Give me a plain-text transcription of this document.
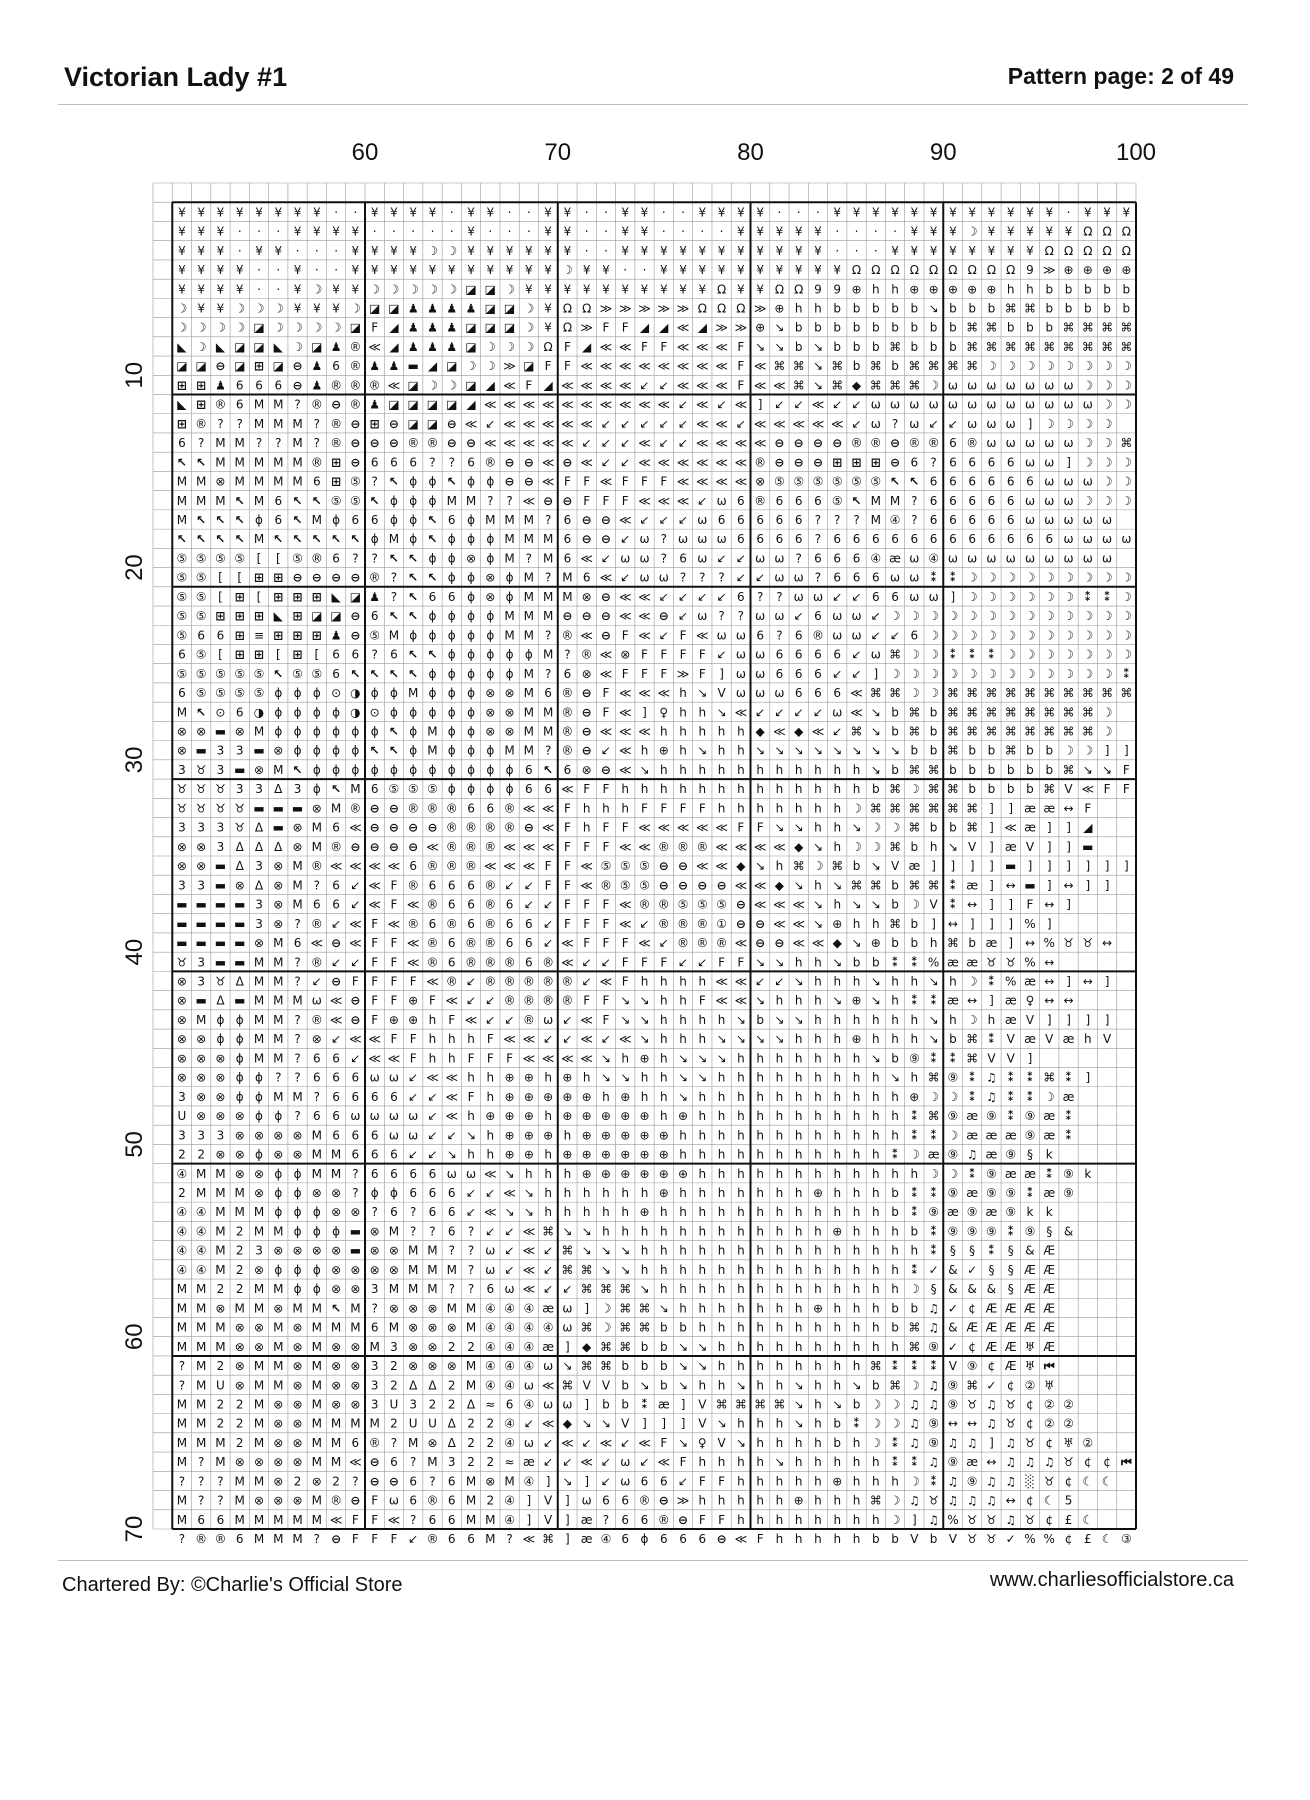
Victorian Lady #1	Pattern page: 2 of 49
60	70	80	90	100
10
20
30
40
50
60
70
¥ ¥ ¥ ¥ ¥ ¥ ¥ ¥ · · ¥ ¥ ¥ ¥ · ¥ ¥ · · ¥ ¥ · · ¥ ¥ · · ¥ ¥ ¥ ¥ · · · ¥ ¥ ¥ ¥ ¥ ¥ ¥ ¥ ¥ ¥ ¥ ¥ · ¥ ¥ ¥
¥ ¥ ¥ · · · ¥ ¥ ¥ ¥ · · · · · ¥ · · · ¥ ¥ · · ¥ ¥ · · · · ¥ ¥ ¥ ¥ ¥ · · · · ¥ ¥ ¥ ☽ ¥ ¥ ¥ ¥ ¥ Ω Ω Ω
¥ ¥ ¥ · ¥ ¥ · · · ¥ ¥ ¥ ¥ ☽ ☽ ¥ ¥ ¥ ¥ ¥ ¥ · · ¥ ¥ ¥ ¥ ¥ ¥ ¥ ¥ ¥ ¥ ¥ · · · ¥ ¥ ¥ ¥ ¥ ¥ ¥ ¥ Ω Ω Ω Ω Ω
¥ ¥ ¥ ¥ · · ¥ · · ¥ ¥ ¥ ¥ ¥ ¥ ¥ ¥ ¥ ¥ ¥ ☽ ¥ ¥ · · ¥ ¥ ¥ ¥ ¥ ¥ ¥ ¥ ¥ ¥ Ω Ω Ω Ω Ω Ω Ω Ω Ω 9 ≫ ⊕ ⊕ ⊕ ⊕
¥ ¥ ¥ ¥ · · ¥ ☽ ¥ ¥ ☽ ☽ ☽ ☽ ☽ ◪ ◪ ☽ ¥ ¥ ¥ ¥ ¥ ¥ ¥ ¥ ¥ ¥ Ω ¥ ¥ Ω Ω 9 9 ⊕ h h ⊕ ⊕ ⊕ ⊕ ⊕ h h b b b b b
☽ ¥ ¥ ☽ ☽ ☽ ¥ ¥ ¥ ☽ ◪ ◪ ♟ ♟ ♟ ♟ ◪ ◪ ☽ ¥ Ω Ω ≫ ≫ ≫ ≫ ≫ Ω Ω Ω ≫ ⊕ h h b b b b b ↘ b b b ⌘ ⌘ b b b b b
☽ ☽ ☽ ☽ ◪ ☽ ☽ ☽ ☽ ◪ F ◢ ♟ ♟ ♟ ◪ ◪ ◪ ☽ ¥ Ω ≫ F F ◢ ◢ ≪ ◢ ≫ ≫ ⊕ ↘ b b b b b b b b b ⌘ ⌘ b b b ⌘ ⌘ ⌘ ⌘
◣ ☽ ◣ ◪ ◪ ◣ ☽ ◪ ♟ ® ≪ ◢ ♟ ♟ ♟ ◪ ☽ ☽ ☽ Ω F ◢ ≪ ≪ F F ≪ ≪ ≪ F ↘ ↘ b ↘ b b b ⌘ b b b ⌘ ⌘ ⌘ ⌘ ⌘ ⌘ ⌘ ⌘ ⌘
◪ ◪ ⊖ ◪ ⊞ ◪ ⊖ ♟ 6 ® ♟ ♟ ▬ ◢ ◪ ☽ ☽ ≫ ◪ F F ≪ ≪ ≪ ≪ ≪ ≪ ≪ ≪ F ≪ ⌘ ⌘ ↘ ⌘ b ⌘ b ⌘ ⌘ ⌘ ⌘ ☽ ☽ ☽ ☽ ☽ ☽ ☽ ☽
⊞ ⊞ ♟ 6 6 6 ⊖ ♟ ® ® ® ≪ ◪ ☽ ☽ ◪ ◢ ≪ F ◢ ≪ ≪ ≪ ≪ ↙ ↙ ≪ ≪ ≪ F ≪ ≪ ⌘ ↘ ⌘ ◆ ⌘ ⌘ ⌘ ☽ ω ω ω ω ω ω ω ☽ ☽ ☽
◣ ⊞ ® 6 M M ? ® ⊖ ® ♟ ◪ ◪ ◪ ◪ ◢ ≪ ≪ ≪ ≪ ≪ ≪ ≪ ≪ ≪ ≪ ↙ ≪ ↙ ≪ ] ↙ ↙ ≪ ↙ ↙ ω ω ω ω ω ω ω ω ω ω ω ω ☽ ☽
⊞ ® ? ? M M M ? ® ⊖ ⊞ ⊖ ◪ ◪ ⊖ ≪ ↙ ≪ ≪ ≪ ≪ ≪ ↙ ↙ ↙ ↙ ↙ ≪ ≪ ↙ ≪ ≪ ≪ ≪ ≪ ↙ ω ? ω ↙ ↙ ω ω ω ] ☽ ☽ ☽ ☽
6 ? M M ? ? M ? ® ⊖ ⊖ ⊖ ® ® ⊖ ⊖ ≪ ≪ ≪ ≪ ≪ ↙ ↙ ↙ ≪ ↙ ↙ ≪ ≪ ≪ ≪ ⊖ ⊖ ⊖ ⊖ ® ® ⊖ ® ® 6 ® ω ω ω ω ω ☽ ☽ ⌘
↖ ↖ M M M M M ® ⊞ ⊖ 6 6 6 ? ? 6 ® ⊖ ⊖ ≪ ⊖ ≪ ↙ ↙ ≪ ≪ ≪ ≪ ≪ ≪ ® ⊖ ⊖ ⊖ ⊞ ⊞ ⊞ ⊖ 6 ? 6 6 6 6 ω ω ] ☽ ☽ ☽
M M ⊗ M M M M 6 ⊞ ⑤ ? ↖ ϕ ϕ ↖ ϕ ϕ ⊖ ⊖ ≪ F F ≪ F F F ≪ ≪ ≪ ≪ ⊗ ⑤ ⑤ ⑤ ⑤ ⑤ ⑤ ↖ ↖ 6 6 6 6 6 6 ω ω ω ☽ ☽
M M M ↖ M 6 ↖ ↖ ⑤ ⑤ ↖ ϕ ϕ ϕ M M ? ? ≪ ⊖ ⊖ F F F ≪ ≪ ≪ ↙ ω 6 ® 6 6 6 ⑤ ↖ M M ? 6 6 6 6 6 ω ω ω ☽ ☽ ☽
M ↖ ↖ ↖ ϕ 6 ↖ M ϕ 6 6 ϕ ϕ ↖ 6 ϕ M M M ? 6 ⊖ ⊖ ≪ ↙ ↙ ↙ ω 6 6 6 6 6 ? ? ? M ④ ? 6 6 6 6 6 ω ω ω ω ω
↖ ↖ ↖ ↖ M ↖ ↖ ↖ ↖ ↖ ϕ M ϕ ↖ ϕ ϕ ϕ M M M 6 ⊖ ⊖ ↙ ω ? ω ω ω 6 6 6 6 ? 6 6 6 6 6 6 6 6 6 6 6 6 ω ω ω ω
⑤ ⑤ ⑤ ⑤ [ [ ⑤ ® 6 ? ? ↖ ↖ ϕ ϕ ⊗ ϕ M ? M 6 ≪ ↙ ω ω ? 6 ω ↙ ↙ ω ω ? 6 6 6 ④ æ ω ④ ω ω ω ω ω ω ω ω ω
⑤ ⑤ [ [ ⊞ ⊞ ⊖ ⊖ ⊖ ⊖ ® ? ↖ ↖ ϕ ϕ ⊗ ϕ M ? M 6 ≪ ↙ ω ω ? ? ? ↙ ↙ ω ω ? 6 6 6 ω ω ⁑ ⁑ ☽ ☽ ☽ ☽ ☽ ☽ ☽ ☽ ☽
⑤ ⑤ [ ⊞ [ ⊞ ⊞ ⊞ ◣ ◪ ♟ ? ↖ 6 6 ϕ ⊗ ϕ M M M ⊗ ⊖ ≪ ≪ ↙ ↙ ↙ ↙ 6 ? ? ω ω ↙ ↙ 6 6 ω ω ] ☽ ☽ ☽ ☽ ☽ ☽ ⁑ ⁑ ☽
⑤ ⑤ ⊞ ⊞ ⊞ ◣ ⊞ ◪ ◪ ⊖ 6 ↖ ↖ ϕ ϕ ϕ ϕ M M M ⊖ ⊖ ⊖ ≪ ≪ ⊖ ↙ ω ? ? ω ω ↙ 6 ω ω ↙ ☽ ☽ ☽ ☽ ☽ ☽ ☽ ☽ ☽ ☽ ☽ ☽ ☽
⑤ 6 6 ⊞ ≡ ⊞ ⊞ ⊞ ♟ ⊖ ⑤ M ϕ ϕ ϕ ϕ ϕ M M ? ® ≪ ⊖ F ≪ ↙ F ≪ ω ω 6 ? 6 ® ω ω ↙ ↙ 6 ☽ ☽ ☽ ☽ ☽ ☽ ☽ ☽ ☽ ☽ ☽
6 ⑤ [ ⊞ ⊞ [ ⊞ [ 6 6 ? 6 ↖ ↖ ϕ ϕ ϕ ϕ ϕ M ? ® ≪ ⊗ F F F F ↙ ω ω 6 6 6 6 ↙ ω ⌘ ☽ ☽ ⁑ ⁑ ⁑ ☽ ☽ ☽ ☽ ☽ ☽ ☽
⑤ ⑤ ⑤ ⑤ ⑤ ↖ ⑤ ⑤ 6 ↖ ↖ ↖ ↖ ϕ ϕ ϕ ϕ ϕ M ? 6 ⊗ ≪ F F F ≫ F ] ω ω 6 6 6 ↙ ↙ ] ☽ ☽ ☽ ☽ ☽ ☽ ☽ ☽ ☽ ☽ ☽ ☽ ⁑
6 ⑤ ⑤ ⑤ ⑤ ϕ ϕ ϕ ⊙ ◑ ϕ ϕ M ϕ ϕ ϕ ⊗ ⊗ M 6 ® ⊖ F ≪ ≪ ≪ h ↘ V ω ω ω 6 6 6 ≪ ⌘ ⌘ ☽ ☽ ⌘ ⌘ ⌘ ⌘ ⌘ ⌘ ⌘ ⌘ ⌘ ⌘
M ↖ ⊙ 6 ◑ ϕ ϕ ϕ ϕ ◑ ⊙ ϕ ϕ ϕ ϕ ϕ ⊗ ⊗ M M ® ⊖ F ≪ ] ♀ h h ↘ ≪ ↙ ↙ ↙ ↙ ω ≪ ↘ b ⌘ b ⌘ ⌘ ⌘ ⌘ ⌘ ⌘ ⌘ ⌘ ☽
⊗ ⊗ ▬ ⊗ M ϕ ϕ ϕ ϕ ϕ ϕ ↖ ϕ M ϕ ϕ ⊗ ⊗ M M ® ⊖ ≪ ≪ ≪ h h h h h ◆ ≪ ◆ ≪ ↙ ⌘ ↘ b ⌘ b ⌘ ⌘ ⌘ ⌘ ⌘ ⌘ ⌘ ⌘ ☽
⊗ ▬ 3 3 ▬ ⊗ ϕ ϕ ϕ ϕ ↖ ↖ ϕ M ϕ ϕ ϕ M M ? ® ⊖ ↙ ≪ h ⊕ h ↘ h h ↘ ↘ ↘ ↘ ↘ ↘ ↘ ↘ b b ⌘ b b ⌘ b b ☽ ☽ ] ]
3 ♉ 3 ▬ ⊗ M ↖ ϕ ϕ ϕ ϕ ϕ ϕ ϕ ϕ ϕ ϕ ϕ 6 ↖ 6 ⊗ ⊖ ≪ ↘ h h h h h h h h h h h ↘ b ⌘ ⌘ b b b b b b ⌘ ↘ ↘ F
♉ ♉ ♉ 3 3 Δ 3 ϕ ↖ M 6 ⑤ ⑤ ⑤ ϕ ϕ ϕ ϕ 6 6 ≪ F F h h h h h h h h h h h h h b ⌘ ☽ ⌘ ⌘ b b b b ⌘ V ≪ F F
♉ ♉ ♉ ♉ ▬ ▬ ▬ ⊗ M ® ⊖ ⊖ ® ® ® 6 6 ® ≪ ≪ F h h h F F F F h h h h h h h ☽ ⌘ ⌘ ⌘ ⌘ ⌘ ⌘ ] ] æ æ ↔ F
3 3 3 ♉ Δ ▬ ⊗ M 6 ≪ ⊖ ⊖ ⊖ ⊖ ® ® ® ® ⊖ ≪ F h F F ≪ ≪ ≪ ≪ ≪ F F ↘ ↘ h h ↘ ☽ ☽ ⌘ b b ⌘ ] ≪ æ ] ] ◢
⊗ ⊗ 3 Δ Δ Δ ⊗ M ® ⊖ ⊖ ⊖ ⊖ ≪ ® ® ® ≪ ≪ ≪ F F F ≪ ≪ ® ® ® ≪ ≪ ≪ ≪ ◆ ↘ h ☽ ☽ ⌘ b h ↘ V ] æ V ] ] ▬
⊗ ⊗ ▬ Δ 3 ⊗ M ® ≪ ≪ ≪ ≪ 6 ® ® ® ≪ ≪ ≪ F F ≪ ⑤ ⑤ ⑤ ⊖ ⊖ ≪ ≪ ◆ ↘ h ⌘ ☽ ⌘ b ↘ V æ ] ] ] ] ▬ ] ] ] ] ] ]
3 3 ▬ ⊗ Δ ⊗ M ? 6 ↙ ≪ F ® 6 6 6 ® ↙ ↙ F F ≪ ® ⑤ ⑤ ⊖ ⊖ ⊖ ⊖ ≪ ≪ ◆ ↘ h ↘ ⌘ ⌘ b ⌘ ⌘ ⁑ æ ] ↔ ▬ ] ↔ ] ]
▬ ▬ ▬ ▬ 3 ⊗ M 6 6 ↙ ≪ F ≪ ® 6 6 ® 6 ↙ ↙ F F F ≪ ® ® ⑤ ⑤ ⑤ ⊖ ≪ ≪ ≪ ↘ h ↘ ↘ b ☽ V ⁑ ↔ ] ] F ↔ ]
▬ ▬ ▬ ▬ 3 ⊗ ? ® ↙ ≪ F ≪ ® 6 ® 6 ® 6 6 ↙ F F F ≪ ↙ ® ® ® ① ⊖ ⊖ ≪ ≪ ↘ ⊕ h h ⌘ b ] ↔ ] ] ] % ]
▬ ▬ ▬ ▬ ⊗ M 6 ≪ ⊖ ≪ F F ≪ ® 6 ® ® 6 6 ↙ ≪ F F F ≪ ↙ ® ® ® ≪ ⊖ ⊖ ≪ ≪ ◆ ↘ ⊕ b b h ⌘ b æ ] ↔ % ♉ ♉ ↔
♉ 3 ▬ ▬ M M ? ® ↙ ↙ F F ≪ ® 6 ® ® ® 6 ® ≪ ↙ ↙ F F F ↙ ↙ F F ↘ ↘ h h ↘ b b ⁑ ⁑ % æ æ ♉ ♉ % ↔
⊗ 3 ♉ Δ M M ? ↙ ⊖ F F F F ≪ ® ↙ ® ® ® ® ® ↙ ≪ F h h h h ≪ ≪ ↙ ↙ ↘ h h h ↘ h h ↘ h ☽ ⁑ % æ ↔ ] ↔ ]
⊗ ▬ Δ ▬ M M M ω ≪ ⊖ F F ⊕ F ≪ ↙ ↙ ® ® ® ® F F ↘ ↘ h h F ≪ ≪ ↘ h h h ↘ ⊕ ↘ h ⁑ ⁑ æ ↔ ] æ ♀ ↔ ↔
⊗ M ϕ ϕ M M ? ® ≪ ⊖ F ⊕ ⊕ h F ≪ ↙ ↙ ® ω ↙ ≪ F ↘ ↘ h h h h ↘ b ↘ ↘ h h h h h h ↘ h ☽ h æ V ] ] ] ]
⊗ ⊗ ϕ ϕ M M ? ⊗ ↙ ≪ ≪ F F h h h F ≪ ≪ ↙ ↙ ≪ ↙ ≪ ↘ h h h ↘ ↘ ↘ ↘ h h h ⊕ h h h ↘ b ⌘ ⁑ V æ V æ h V
⊗ ⊗ ⊗ ϕ M M ? 6 6 ↙ ≪ ≪ F h h F F F ≪ ≪ ≪ ≪ ↘ h ⊕ h ↘ ↘ ↘ h h h h h h h ↘ b ⑨ ⁑ ⁑ ⌘ V V ]
⊗ ⊗ ⊗ ϕ ϕ ? ? 6 6 6 ω ω ↙ ≪ ≪ h h ⊕ ⊕ h ⊕ h ↘ ↘ h h ↘ ↘ h h h h h h h h h ↘ h ⌘ ⑨ ⁑ ♫ ⁑ ⁑ ⌘ ⁑ ]
3 ⊗ ⊗ ϕ ϕ M M ? 6 6 6 6 ↙ ↙ ≪ F h ⊕ ⊕ ⊕ ⊕ ⊕ h ⊕ h h ↘ h h h h h h h h h h h ⊕ ☽ ☽ ⁑ ♫ ⁑ ⁑ ☽ æ
U ⊗ ⊗ ⊗ ϕ ϕ ? 6 6 ω ω ω ω ↙ ≪ h ⊕ ⊕ ⊕ h ⊕ ⊕ ⊕ ⊕ ⊕ h ⊕ h h h h h h h h h h h ⁑ ⌘ ⑨ æ ⑨ ⁑ ⑨ æ ⁑
3 3 3 ⊗ ⊗ ⊗ ⊗ M 6 6 6 ω ω ↙ ↙ ↘ h ⊕ ⊕ ⊕ h ⊕ ⊕ ⊕ ⊕ ⊕ h h h h h h h h h h h h ⁑ ⁑ ☽ æ æ æ ⑨ æ ⁑
2 2 ⊗ ⊗ ϕ ⊗ ⊗ M M 6 6 6 ↙ ↙ ↘ h h ⊕ ⊕ h ⊕ ⊕ ⊕ ⊕ ⊕ ⊕ h h h h h h h h h h h ⁑ ☽ æ ⑨ ♫ æ ⑨ § k
④ M M ⊗ ⊗ ϕ ϕ M M ? 6 6 6 6 ω ω ≪ ↘ h h h ⊕ ⊕ ⊕ ⊕ ⊕ ⊕ h h h h h h h h h h h h ☽ ☽ ⁑ ⑨ æ æ ⁑ ⑨ k
2 M M M ⊗ ϕ ϕ ⊗ ⊗ ? ϕ ϕ 6 6 6 ↙ ↙ ≪ ↘ h h h h h h ⊕ h h h h h h h ⊕ h h h b ⁑ ⁑ ⑨ æ ⑨ ⑨ ⁑ æ ⑨
④ ④ M M M ϕ ϕ ϕ ⊗ ⊗ ? 6 ? 6 6 ↙ ≪ ↘ ↘ h h h h h ⊕ h h h h h h h h h h h h b ⁑ ⑨ æ ⑨ æ ⑨ k k
④ ④ M 2 M M ϕ ϕ ϕ ▬ ⊗ M ? ? 6 ? ↙ ↙ ≪ ⌘ ↘ ↘ h h h h h h h h h h h h ⊕ h h h b ⁑ ⑨ ⑨ ⑨ ⁑ ⑨ § &
④ ④ M 2 3 ⊗ ⊗ ⊗ ⊗ ▬ ⊗ ⊗ M M ? ? ω ↙ ≪ ↙ ⌘ ↘ ↘ ↘ h h h h h h h h h h h h h h h ⁑ § § ⁑ § & Æ
④ ④ M 2 ⊗ ϕ ϕ ϕ ⊗ ⊗ ⊗ ⊗ M M M ? ω ↙ ≪ ↙ ⌘ ⌘ ↘ ↘ h h h h h h h h h h h h h h ⁑ ✓ & ✓ § § Æ Æ
M M 2 2 M M ϕ ϕ ⊗ ⊗ 3 M M M ? ? 6 ω ≪ ↙ ↙ ⌘ ⌘ ⌘ ↘ h h h h h h h h h h h h h ☽ § & & & § Æ Æ
M M ⊗ M M ⊗ M M ↖ M ? ⊗ ⊗ ⊗ M M ④ ④ ④ æ ω ] ☽ ⌘ ⌘ ↘ h h h h h h h ⊕ h h h b b ♫ ✓ ¢ Æ Æ Æ Æ
M M M ⊗ ⊗ M ⊗ M M M 6 M ⊗ ⊗ ⊗ M ④ ④ ④ ④ ω ⌘ ☽ ⌘ ⌘ b b h h h h h h h h h h b ⌘ ♫ & Æ Æ Æ Æ Æ
M M M ⊗ ⊗ M ⊗ M ⊗ ⊗ M 3 ⊗ ⊗ 2 2 ④ ④ ④ æ ] ◆ ⌘ ⌘ b b ↘ ↘ h h h h h h h h h h ⌘ ⑨ ✓ ¢ Æ Æ ♅ Æ
? M 2 ⊗ M M ⊗ M ⊗ ⊗ 3 2 ⊗ ⊗ ⊗ M ④ ④ ④ ω ↘ ⌘ ⌘ b b b ↘ ↘ h h h h h h h h ⌘ ⁑ ⁑ ⁑ V ⑨ ¢ Æ ♅ ⏮
? M U ⊗ M M ⊗ M ⊗ ⊗ 3 2 Δ Δ 2 M ④ ④ ω ≪ ⌘ V V b ↘ b ↘ h h ↘ h h ↘ h h ↘ b ⌘ ☽ ♫ ⑨ ⌘ ✓ ¢ ② ♅
M M 2 2 M ⊗ ⊗ M ⊗ ⊗ 3 U 3 2 2 Δ ≈ 6 ④ ω ω ] b b ⁑ æ ] V ⌘ ⌘ ⌘ ⌘ ↘ h ↘ b ☽ ☽ ♫ ♫ ⑨ ♉ ♫ ♉ ¢ ② ②
M M 2 2 M ⊗ ⊗ M M M M 2 U U Δ 2 2 ④ ↙ ≪ ◆ ↘ ↘ V ] ] ] V ↘ h h h ↘ h b ⁑ ☽ ☽ ♫ ⑨ ↔ ↔ ♫ ♉ ¢ ② ②
M M M 2 M ⊗ ⊗ M M 6 ® ? M ⊗ Δ 2 2 ④ ω ↙ ≪ ↙ ≪ ↙ ≪ F ↘ ♀ V ↘ h h h h b h ☽ ⁑ ♫ ⑨ ♫ ♫ ] ♫ ♉ ¢ ♅ ②
M ? M ⊗ ⊗ ⊗ ⊗ M M ≪ ⊖ 6 ? M 3 2 2 ≈ æ ↙ ↙ ≪ ↙ ω ↙ ≪ F h h h h ↘ h h h h h ⁑ ⁑ ♫ ⑨ æ ↔ ♫ ♫ ♫ ♉ ¢ ¢ ⏮
? ? ? M M ⊗ 2 ⊗ 2 ? ⊖ ⊖ 6 ? 6 M ⊗ M ④ ] ↘ ] ↙ ω 6 6 ↙ F F h h h h h ⊕ h h h ☽ ⁑ ♫ ⑨ ♫ ♫ ░ ♉ ¢ ☾ ☾
M ? ? M ⊗ ⊗ ⊗ M ® ⊖ F ω 6 ® 6 M 2 ④ ] V ] ω 6 6 ® ⊖ ≫ h h h h h ⊕ h h h ⌘ ☽ ♫ ♉ ♫ ♫ ♫ ↔ ¢ ☾ 5
M 6 6 M M M M M ≪ F F ≪ ? 6 6 M M ④ ] V ] æ ? 6 6 ® ⊖ F F h h h h h h h h ☽ ] ♫ % ♉ ♉ ♫ ♉ ¢ £ ☾
? ® ® 6 M M M ? ⊖ F F F ↙ ® 6 6 M ? ≪ ⌘ ] æ ④ 6 ϕ 6 6 6 ⊖ ≪ F h h h h h b b V b V ♉ ♉ ✓ % % ¢ £ ☾ ③
Chartered By: ©Charlie's Official Store	www.charliesofficialstore.ca
